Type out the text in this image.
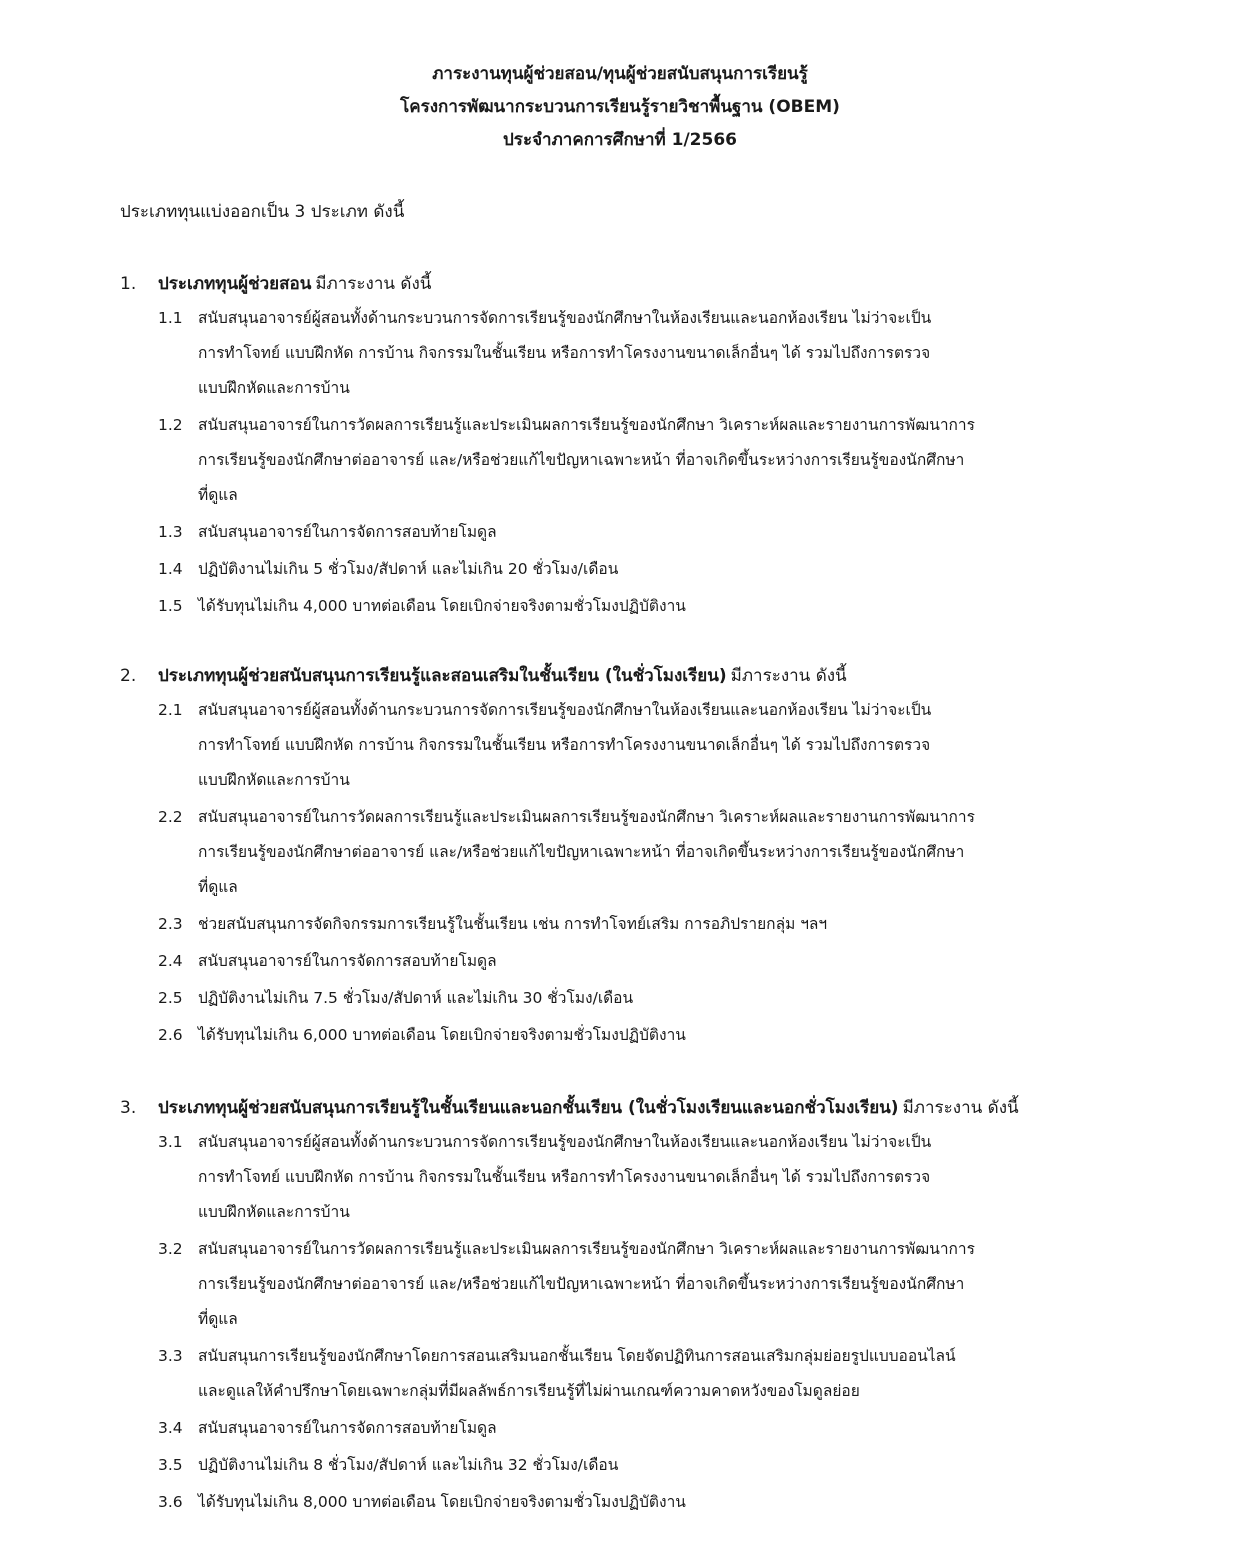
ภาระงานทุนผู้ช่วยสอน/ทุนผู้ช่วยสนับสนุนการเรียนรู้
โครงการพัฒนากระบวนการเรียนรู้รายวิชาพื้นฐาน (OBEM)
ประจำภาคการศึกษาที่ 1/2566
ประเภททุนแบ่งออกเป็น 3 ประเภท ดังนี้
1.	ประเภททุนผู้ช่วยสอน มีภาระงาน ดังนี้
1.1 สนับสนุนอาจารย์ผู้สอนทั้งด้านกระบวนการจัดการเรียนรู้ของนักศึกษาในห้องเรียนและนอกห้องเรียน ไม่ว่าจะเป็น
การทำโจทย์ แบบฝึกหัด การบ้าน กิจกรรมในชั้นเรียน หรือการทำโครงงานขนาดเล็กอื่นๆ ได้ รวมไปถึงการตรวจ
แบบฝึกหัดและการบ้าน
1.2 สนับสนุนอาจารย์ในการวัดผลการเรียนรู้และประเมินผลการเรียนรู้ของนักศึกษา วิเคราะห์ผลและรายงานการพัฒนาการ
การเรียนรู้ของนักศึกษาต่ออาจารย์ และ/หรือช่วยแก้ไขปัญหาเฉพาะหน้า ที่อาจเกิดขึ้นระหว่างการเรียนรู้ของนักศึกษา
ที่ดูแล
1.3 สนับสนุนอาจารย์ในการจัดการสอบท้ายโมดูล
1.4 ปฏิบัติงานไม่เกิน 5 ชั่วโมง/สัปดาห์ และไม่เกิน 20 ชั่วโมง/เดือน
1.5 ได้รับทุนไม่เกิน 4,000 บาทต่อเดือน โดยเบิกจ่ายจริงตามชั่วโมงปฏิบัติงาน
2.	ประเภททุนผู้ช่วยสนับสนุนการเรียนรู้และสอนเสริมในชั้นเรียน (ในชั่วโมงเรียน) มีภาระงาน ดังนี้
2.1 สนับสนุนอาจารย์ผู้สอนทั้งด้านกระบวนการจัดการเรียนรู้ของนักศึกษาในห้องเรียนและนอกห้องเรียน ไม่ว่าจะเป็น
การทำโจทย์ แบบฝึกหัด การบ้าน กิจกรรมในชั้นเรียน หรือการทำโครงงานขนาดเล็กอื่นๆ ได้ รวมไปถึงการตรวจ
แบบฝึกหัดและการบ้าน
2.2 สนับสนุนอาจารย์ในการวัดผลการเรียนรู้และประเมินผลการเรียนรู้ของนักศึกษา วิเคราะห์ผลและรายงานการพัฒนาการ
การเรียนรู้ของนักศึกษาต่ออาจารย์ และ/หรือช่วยแก้ไขปัญหาเฉพาะหน้า ที่อาจเกิดขึ้นระหว่างการเรียนรู้ของนักศึกษา
ที่ดูแล
2.3 ช่วยสนับสนุนการจัดกิจกรรมการเรียนรู้ในชั้นเรียน เช่น การทำโจทย์เสริม การอภิปรายกลุ่ม ฯลฯ
2.4 สนับสนุนอาจารย์ในการจัดการสอบท้ายโมดูล
2.5 ปฏิบัติงานไม่เกิน 7.5 ชั่วโมง/สัปดาห์ และไม่เกิน 30 ชั่วโมง/เดือน
2.6 ได้รับทุนไม่เกิน 6,000 บาทต่อเดือน โดยเบิกจ่ายจริงตามชั่วโมงปฏิบัติงาน
3.	ประเภททุนผู้ช่วยสนับสนุนการเรียนรู้ในชั้นเรียนและนอกชั้นเรียน (ในชั่วโมงเรียนและนอกชั่วโมงเรียน) มีภาระงาน ดังนี้
3.1 สนับสนุนอาจารย์ผู้สอนทั้งด้านกระบวนการจัดการเรียนรู้ของนักศึกษาในห้องเรียนและนอกห้องเรียน ไม่ว่าจะเป็น
การทำโจทย์ แบบฝึกหัด การบ้าน กิจกรรมในชั้นเรียน หรือการทำโครงงานขนาดเล็กอื่นๆ ได้ รวมไปถึงการตรวจ
แบบฝึกหัดและการบ้าน
3.2 สนับสนุนอาจารย์ในการวัดผลการเรียนรู้และประเมินผลการเรียนรู้ของนักศึกษา วิเคราะห์ผลและรายงานการพัฒนาการ
การเรียนรู้ของนักศึกษาต่ออาจารย์ และ/หรือช่วยแก้ไขปัญหาเฉพาะหน้า ที่อาจเกิดขึ้นระหว่างการเรียนรู้ของนักศึกษา
ที่ดูแล
3.3 สนับสนุนการเรียนรู้ของนักศึกษาโดยการสอนเสริมนอกชั้นเรียน โดยจัดปฏิทินการสอนเสริมกลุ่มย่อยรูปแบบออนไลน์
และดูแลให้คำปรึกษาโดยเฉพาะกลุ่มที่มีผลลัพธ์การเรียนรู้ที่ไม่ผ่านเกณฑ์ความคาดหวังของโมดูลย่อย
3.4 สนับสนุนอาจารย์ในการจัดการสอบท้ายโมดูล
3.5 ปฏิบัติงานไม่เกิน 8 ชั่วโมง/สัปดาห์ และไม่เกิน 32 ชั่วโมง/เดือน
3.6 ได้รับทุนไม่เกิน 8,000 บาทต่อเดือน โดยเบิกจ่ายจริงตามชั่วโมงปฏิบัติงาน
